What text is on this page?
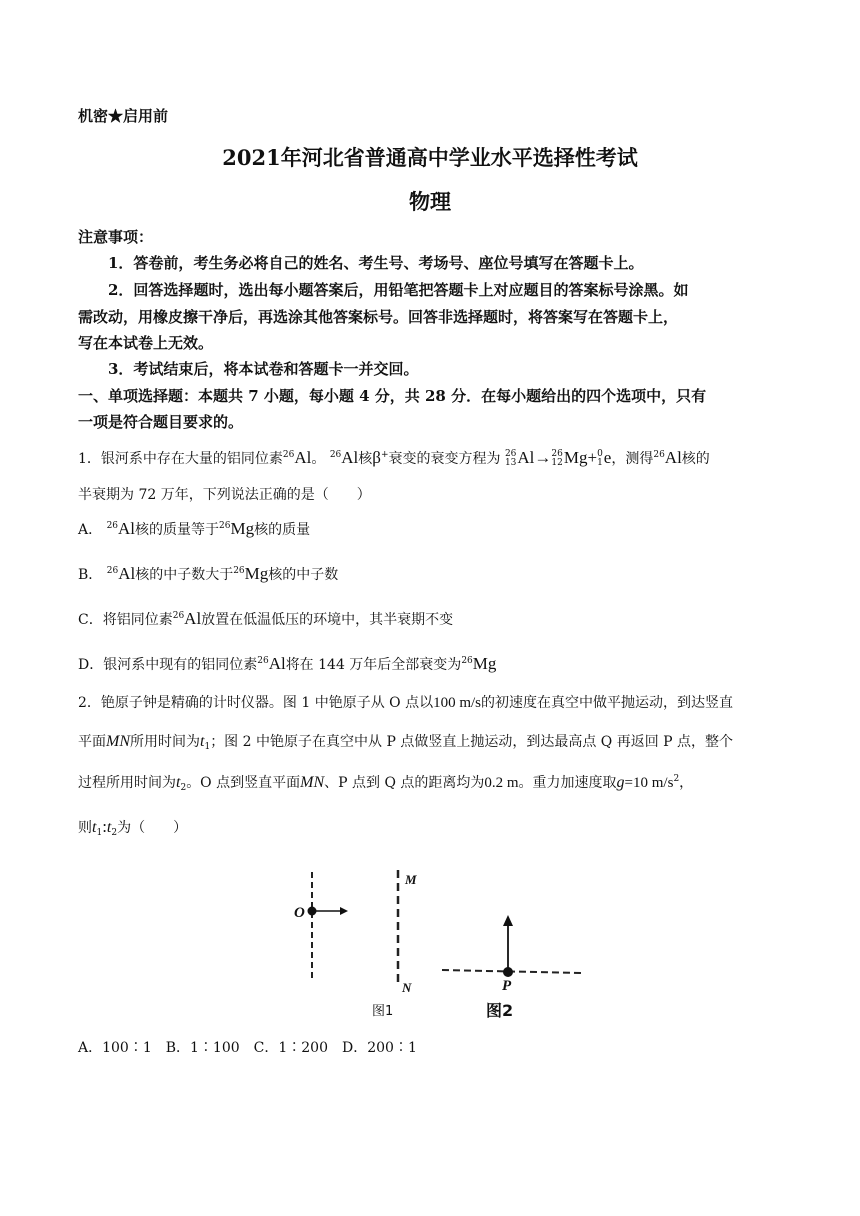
机密★启用前
2021年河北省普通高中学业水平选择性考试
物理
注意事项：
1．答卷前，考生务必将自己的姓名、考生号、考场号、座位号填写在答题卡上。
2．回答选择题时，选出每小题答案后，用铅笔把答题卡上对应题目的答案标号涂黑。如
需改动，用橡皮擦干净后，再选涂其他答案标号。回答非选择题时，将答案写在答题卡上，
写在本试卷上无效。
3．考试结束后，将本试卷和答题卡一并交回。
一、单项选择题：本题共 7 小题，每小题 4 分，共 28 分．在每小题给出的四个选项中，只有
一项是符合题目要求的。
1．银河系中存在大量的铝同位素$^{26}$Al。 $^{26}$Al核β+衰变的衰变方程为 26
13Al→26
12Mg+0
1e，测得$^{26}$Al核的
半衰期为 72 万年，下列说法正确的是（　　）
A． $^{26}$Al核的质量等于$^{26}$Mg核的质量
B． $^{26}$Al核的中子数大于$^{26}$Mg核的中子数
C．将铝同位素$^{26}$Al放置在低温低压的环境中，其半衰期不变
D．银河系中现有的铝同位素$^{26}$Al将在 144 万年后全部衰变为$^{26}$Mg
2．铯原子钟是精确的计时仪器。图 1 中铯原子从 O 点以100 m/s的初速度在真空中做平抛运动，到达竖直
平面MN所用时间为$t_1$；图 2 中铯原子在真空中从 P 点做竖直上抛运动，到达最高点 Q 再返回 P 点，整个
过程所用时间为$t_2$。O 点到竖直平面MN、P 点到 Q 点的距离均为0.2 m。重力加速度取g=10 $m/s^2$，
则$t_1:t_2$为（　　）
O
M
N	P
图1	图2
A．100∶1　B．1∶100　C．1∶200　D．200∶1
